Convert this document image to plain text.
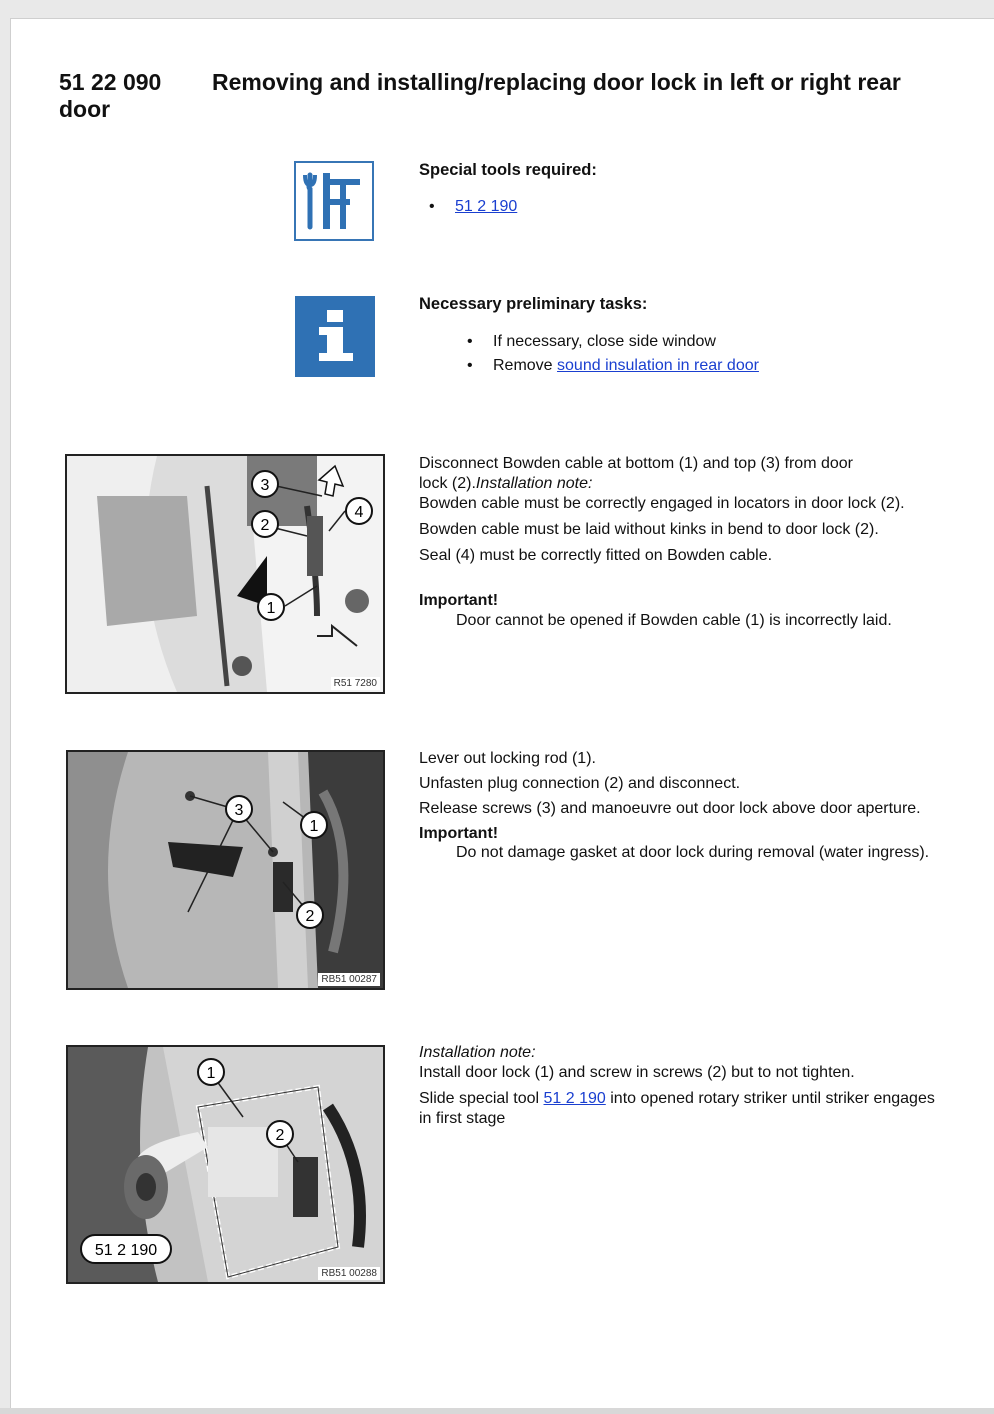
51 22 090	Removing and installing/replacing door lock in left or right rear
door
Special tools required:
• 51 2 190
Necessary preliminary tasks:
• If necessary, close side window
• Remove sound insulation in rear door
3
2
4
1
R51 7280
Disconnect Bowden cable at bottom (1) and top (3) from door
lock (2).Installation note:
Bowden cable must be correctly engaged in locators in door lock (2).
Bowden cable must be laid without kinks in bend to door lock (2).
Seal (4) must be correctly fitted on Bowden cable.
Important!
Door cannot be opened if Bowden cable (1) is incorrectly laid.
3
1
2
RB51 00287
Lever out locking rod (1).
Unfasten plug connection (2) and disconnect.
Release screws (3) and manoeuvre out door lock above door aperture.
Important!
Do not damage gasket at door lock during removal (water ingress).
1
2
51 2 190
RB51 00288
Installation note:
Install door lock (1) and screw in screws (2) but to not tighten.
Slide special tool 51 2 190 into opened rotary striker until striker engages
in first stage
